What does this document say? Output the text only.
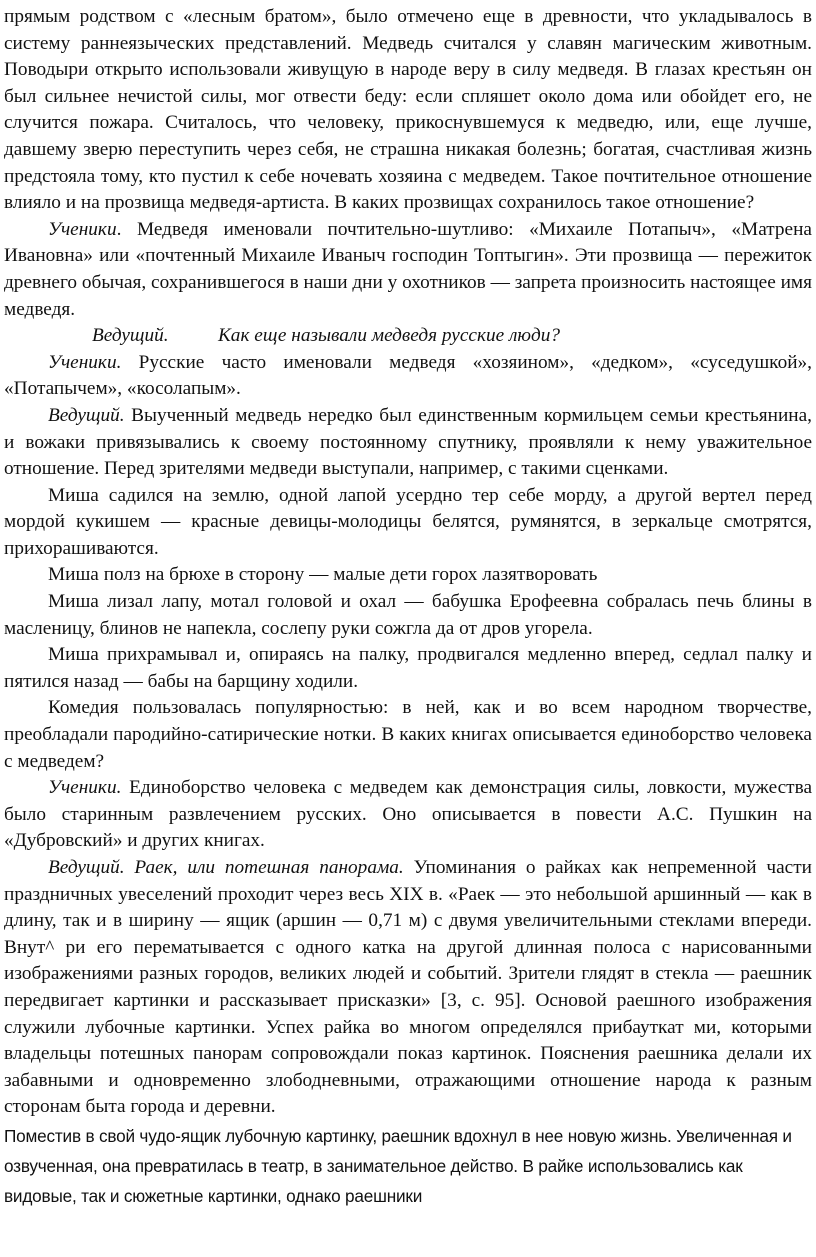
прямым родством с «лесным братом», было отмечено еще в древности, что укладывалось в систему раннеязыческих представлений. Медведь считался у славян магическим животным. Поводыри открыто использовали живущую в народе веру в силу медведя. В глазах крестьян он был сильнее нечистой силы, мог отвести беду: если спляшет около дома или обойдет его, не случится пожара. Считалось, что человеку, прикоснувшемуся к медведю, или, еще лучше, давшему зверю переступить через себя, не страшна никакая болезнь; богатая, счастливая жизнь предстояла тому, кто пустил к себе ночевать хозяина с медведем. Такое почтительное отношение влияло и на прозвища медведя-артиста. В каких прозвищах сохранилось такое отношение?

Ученики. Медведя именовали почтительно-шутливо: «Михаиле Потапыч», «Матрена Ивановна» или «почтенный Михаиле Иваныч господин Топтыгин». Эти прозвища — пережиток древнего обычая, сохранившегося в наши дни у охотников — запрета произносить настоящее имя медведя.

Ведущий.	Как еще называли медведя русские люди?

Ученики. Русские часто именовали медведя «хозяином», «дедком», «суседушкой», «Потапычем», «косолапым».

Ведущий. Выученный медведь нередко был единственным кормильцем семьи крестьянина, и вожаки привязывались к своему постоянному спутнику, проявляли к нему уважительное отношение. Перед зрителями медведи выступали, например, с такими сценками.

Миша садился на землю, одной лапой усердно тер себе морду, а другой вертел перед мордой кукишем — красные девицы-молодицы белятся, румянятся, в зеркальце смотрятся, прихорашиваются.

Миша полз на брюхе в сторону — малые дети горох лазятворовать

Миша лизал лапу, мотал головой и охал — бабушка Ерофеевна собралась печь блины в масленицу, блинов не напекла, сослепу руки сожгла да от дров угорела.

Миша прихрамывал и, опираясь на палку, продвигался медленно вперед, седлал палку и пятился назад — бабы на барщину ходили.

Комедия пользовалась популярностью: в ней, как и во всем народном творчестве, преобладали пародийно-сатирические нотки. В каких книгах описывается единоборство человека с медведем?

Ученики. Единоборство человека с медведем как демонстрация силы, ловкости, мужества было старинным развлечением русских. Оно описывается в повести А.С. Пушкин на «Дубровский» и других книгах.

Ведущий. Раек, или потешная панорама. Упоминания о райках как непременной части праздничных увеселений проходит через весь XIX в. «Раек — это небольшой аршинный — как в длину, так и в ширину — ящик (аршин — 0,71 м) с двумя увеличительными стеклами впереди. Внут^ ри его перематывается с одного катка на другой длинная полоса с нарисованными изображениями разных городов, великих людей и событий. Зрители глядят в стекла — раешник передвигает картинки и рассказывает присказки» [3, с. 95]. Основой раешного изображения служили лубочные картинки. Успех райка во многом определялся прибауткат ми, которыми владельцы потешных панорам сопровождали показ картинок. Пояснения раешника делали их забавными и одновременно злободневными, отражающими отношение народа к разным сторонам быта города и деревни.

Поместив в свой чудо-ящик лубочную картинку, раешник вдохнул в нее новую жизнь. Увеличенная и озвученная, она превратилась в театр, в занимательное действо. В райке использовались как видовые, так и сюжетные картинки, однако раешники
